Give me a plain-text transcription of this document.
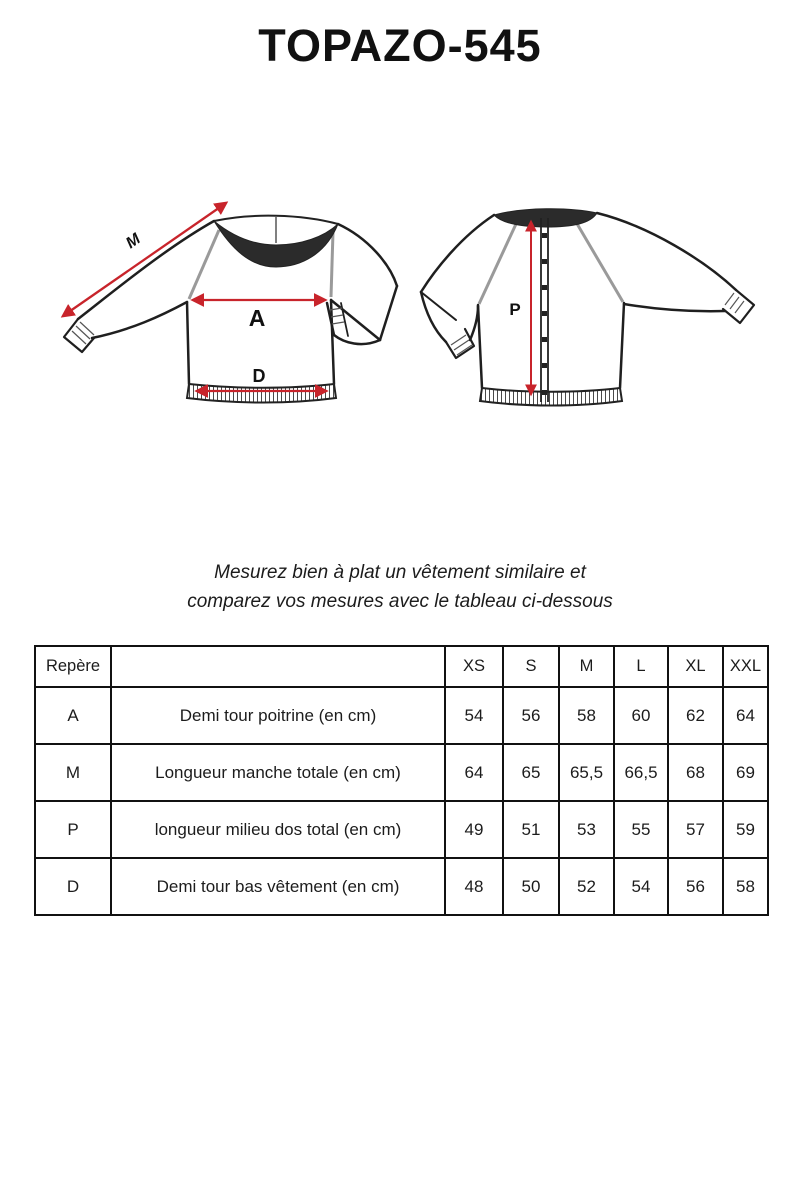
TOPAZO-545
M
A
D
P
Mesurez bien à plat un vêtement similaire et
comparez vos mesures avec le tableau ci-dessous
Repère		XS	S	M	L	XL	XXL
A	Demi tour poitrine (en cm)	54	56	58	60	62	64
M	Longueur manche totale (en cm)	64	65	65,5	66,5	68	69
P	longueur milieu dos total (en cm)	49	51	53	55	57	59
D	Demi tour bas vêtement (en cm)	48	50	52	54	56	58
